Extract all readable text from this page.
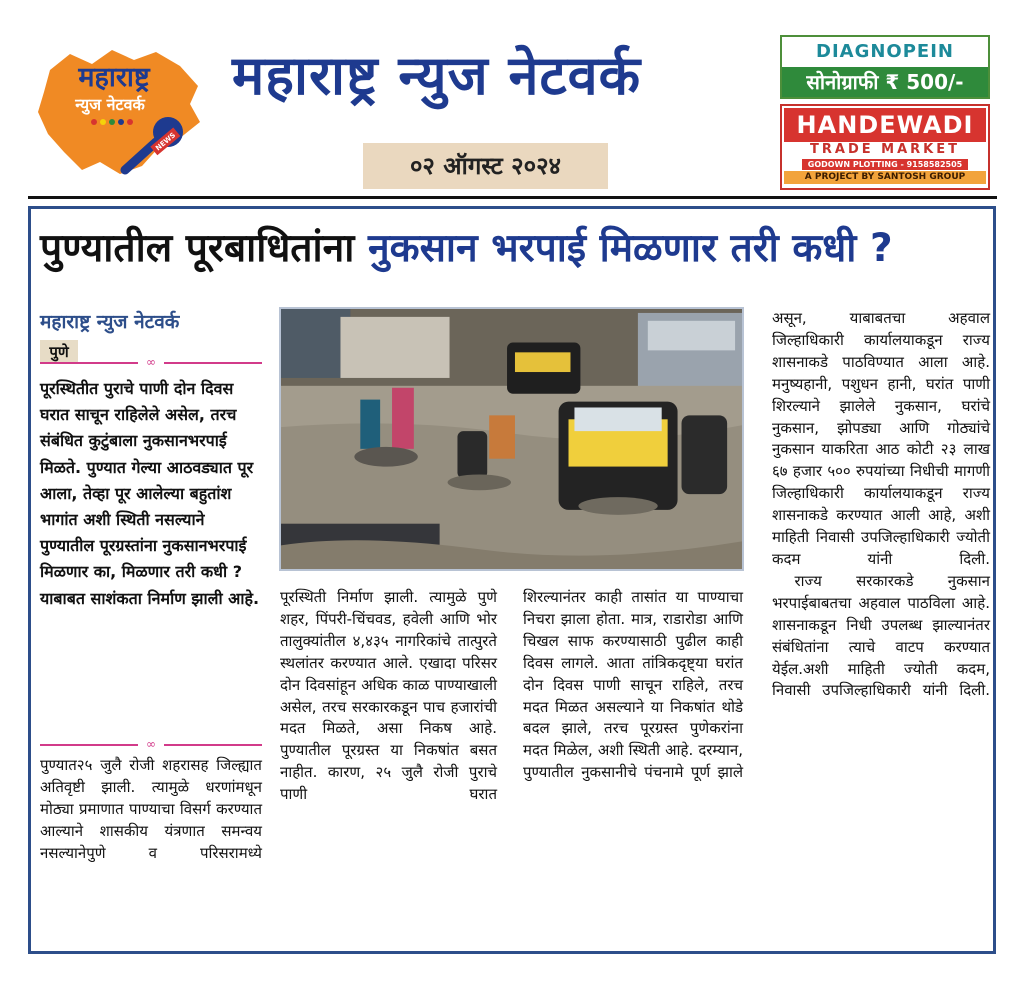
महाराष्ट्र
न्युज नेटवर्क
NEWS
महाराष्ट्र न्युज नेटवर्क
०२ ऑगस्ट २०२४
DIAGNOPEIN
सोनोग्राफी ₹ 500/-
HANDEWADI
TRADE MARKET
GODOWN PLOTTING - 9158582505
A PROJECT BY SANTOSH GROUP
पुण्यातील पूरबाधितांना नुकसान भरपाई मिळणार तरी कधी ?
महाराष्ट्र न्युज नेटवर्क
पुणे
∞
पूरस्थितीत पुराचे पाणी दोन दिवस घरात साचून राहिलेले असेल, तरच संबंधित कुटुंबाला नुकसानभरपाई मिळते. पुण्यात गेल्या आठवड्यात पूर आला, तेव्हा पूर आलेल्या बहुतांश भागांत अशी स्थिती नसल्याने पुण्यातील पूरग्रस्तांना नुकसानभरपाई मिळणार का, मिळणार तरी कधी ? याबाबत साशंकता निर्माण झाली आहे.
∞
पुण्यात२५ जुलै रोजी शहरासह जिल्ह्यात अतिवृष्टी झाली. त्यामुळे धरणांमधून मोठ्या प्रमाणात पाण्याचा विसर्ग करण्यात आल्याने शासकीय यंत्रणात समन्वय नसल्यानेपुणे व परिसरामध्ये
पूरस्थिती निर्माण झाली. त्यामुळे पुणे शहर, पिंपरी-चिंचवड, हवेली आणि भोर तालुक्यांतील ४,४३५ नागरिकांचे तात्पुरते स्थलांतर करण्यात आले. एखादा परिसर दोन दिवसांहून अधिक काळ पाण्याखाली असेल, तरच सरकारकडून पाच हजारांची मदत मिळते, असा निकष आहे. पुण्यातील पूरग्रस्त या निकषांत बसत नाहीत. कारण, २५ जुलै रोजी पुराचे पाणी घरात
शिरल्यानंतर काही तासांत या पाण्याचा निचरा झाला होता. मात्र, राडारोडा आणि चिखल साफ करण्यासाठी पुढील काही दिवस लागले. आता तांत्रिकदृष्ट्या घरांत दोन दिवस पाणी साचून राहिले, तरच मदत मिळत असल्याने या निकषांत थोडे बदल झाले, तरच पूरग्रस्त पुणेकरांना मदत मिळेल, अशी स्थिती आहे. दरम्यान, पुण्यातील नुकसानीचे पंचनामे पूर्ण झाले

असून, याबाबतचा अहवाल जिल्हाधिकारी कार्यालयाकडून राज्य शासनाकडे पाठविण्यात आला आहे. मनुष्यहानी, पशुधन हानी, घरांत पाणी शिरल्याने झालेले नुकसान, घरांचे नुकसान, झोपड्या आणि गोठ्यांचे नुकसान याकरिता आठ कोटी २३ लाख ६७ हजार ५०० रुपयांच्या निधीची मागणी जिल्हाधिकारी कार्यालयाकडून राज्य शासनाकडे करण्यात आली आहे, अशी माहिती निवासी उपजिल्हाधिकारी ज्योती कदम यांनी दिली.

राज्य सरकारकडे नुकसान भरपाईबाबतचा अहवाल पाठविला आहे. शासनाकडून निधी उपलब्ध झाल्यानंतर संबंधितांना त्याचे वाटप करण्यात येईल.अशी माहिती ज्योती कदम, निवासी उपजिल्हाधिकारी यांनी दिली.
